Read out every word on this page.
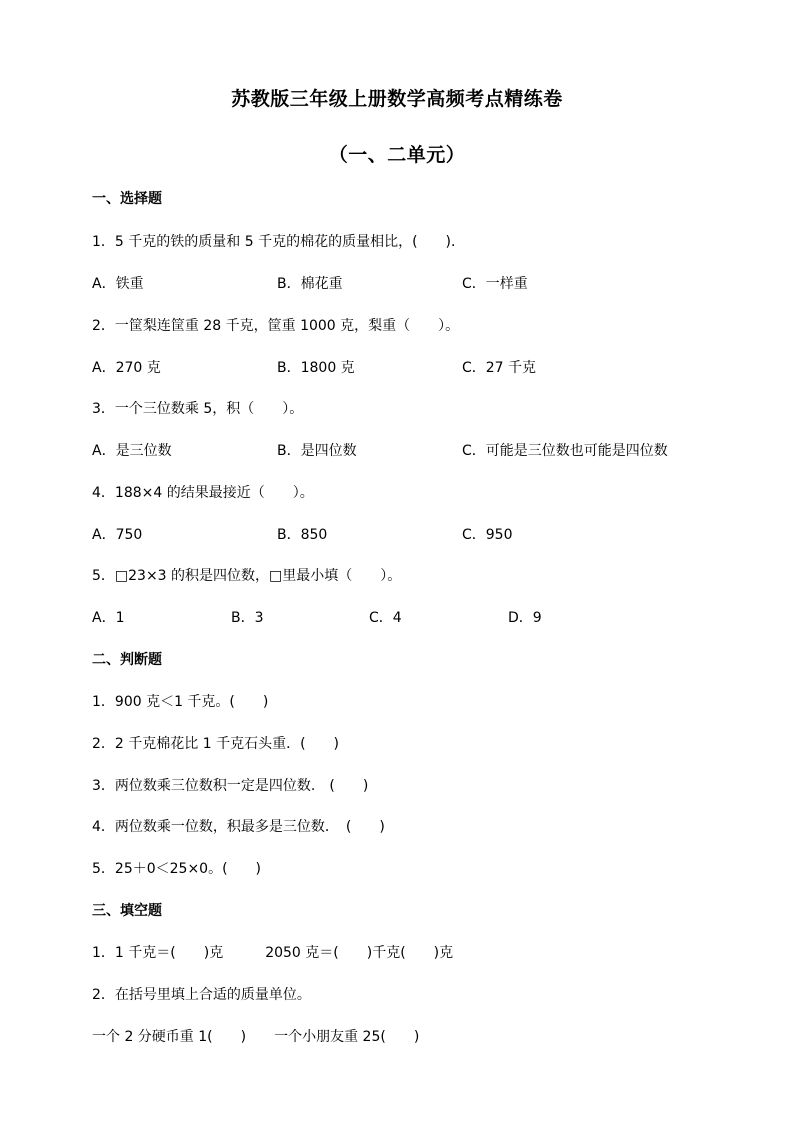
苏教版三年级上册数学高频考点精练卷
（一、二单元）
一、选择题
1．5 千克的铁的质量和 5 千克的棉花的质量相比，(　　)．
A．铁重	B．棉花重	C．一样重
2．一筐梨连筐重 28 千克，筐重 1000 克，梨重（　　）。
A．270 克	B．1800 克	C．27 千克
3．一个三位数乘 5，积（　　）。
A．是三位数	B．是四位数	C．可能是三位数也可能是四位数
4．188×4 的结果最接近（　　）。
A．750	B．850	C．950
5．□23×3 的积是四位数，□里最小填（　　）。
A．1	B．3	C．4	D．9
二、判断题
1．900 克＜1 千克。(　　)
2．2 千克棉花比 1 千克石头重．(　　)
3．两位数乘三位数积一定是四位数.　(　　)
4．两位数乘一位数，积最多是三位数．　(　　)
5．25＋0＜25×0。(　　)
三、填空题
1．1 千克＝(　　)克　　　2050 克＝(　　)千克(　　)克
2．在括号里填上合适的质量单位。
一个 2 分硬币重 1(　　)　　一个小朋友重 25(　　)
